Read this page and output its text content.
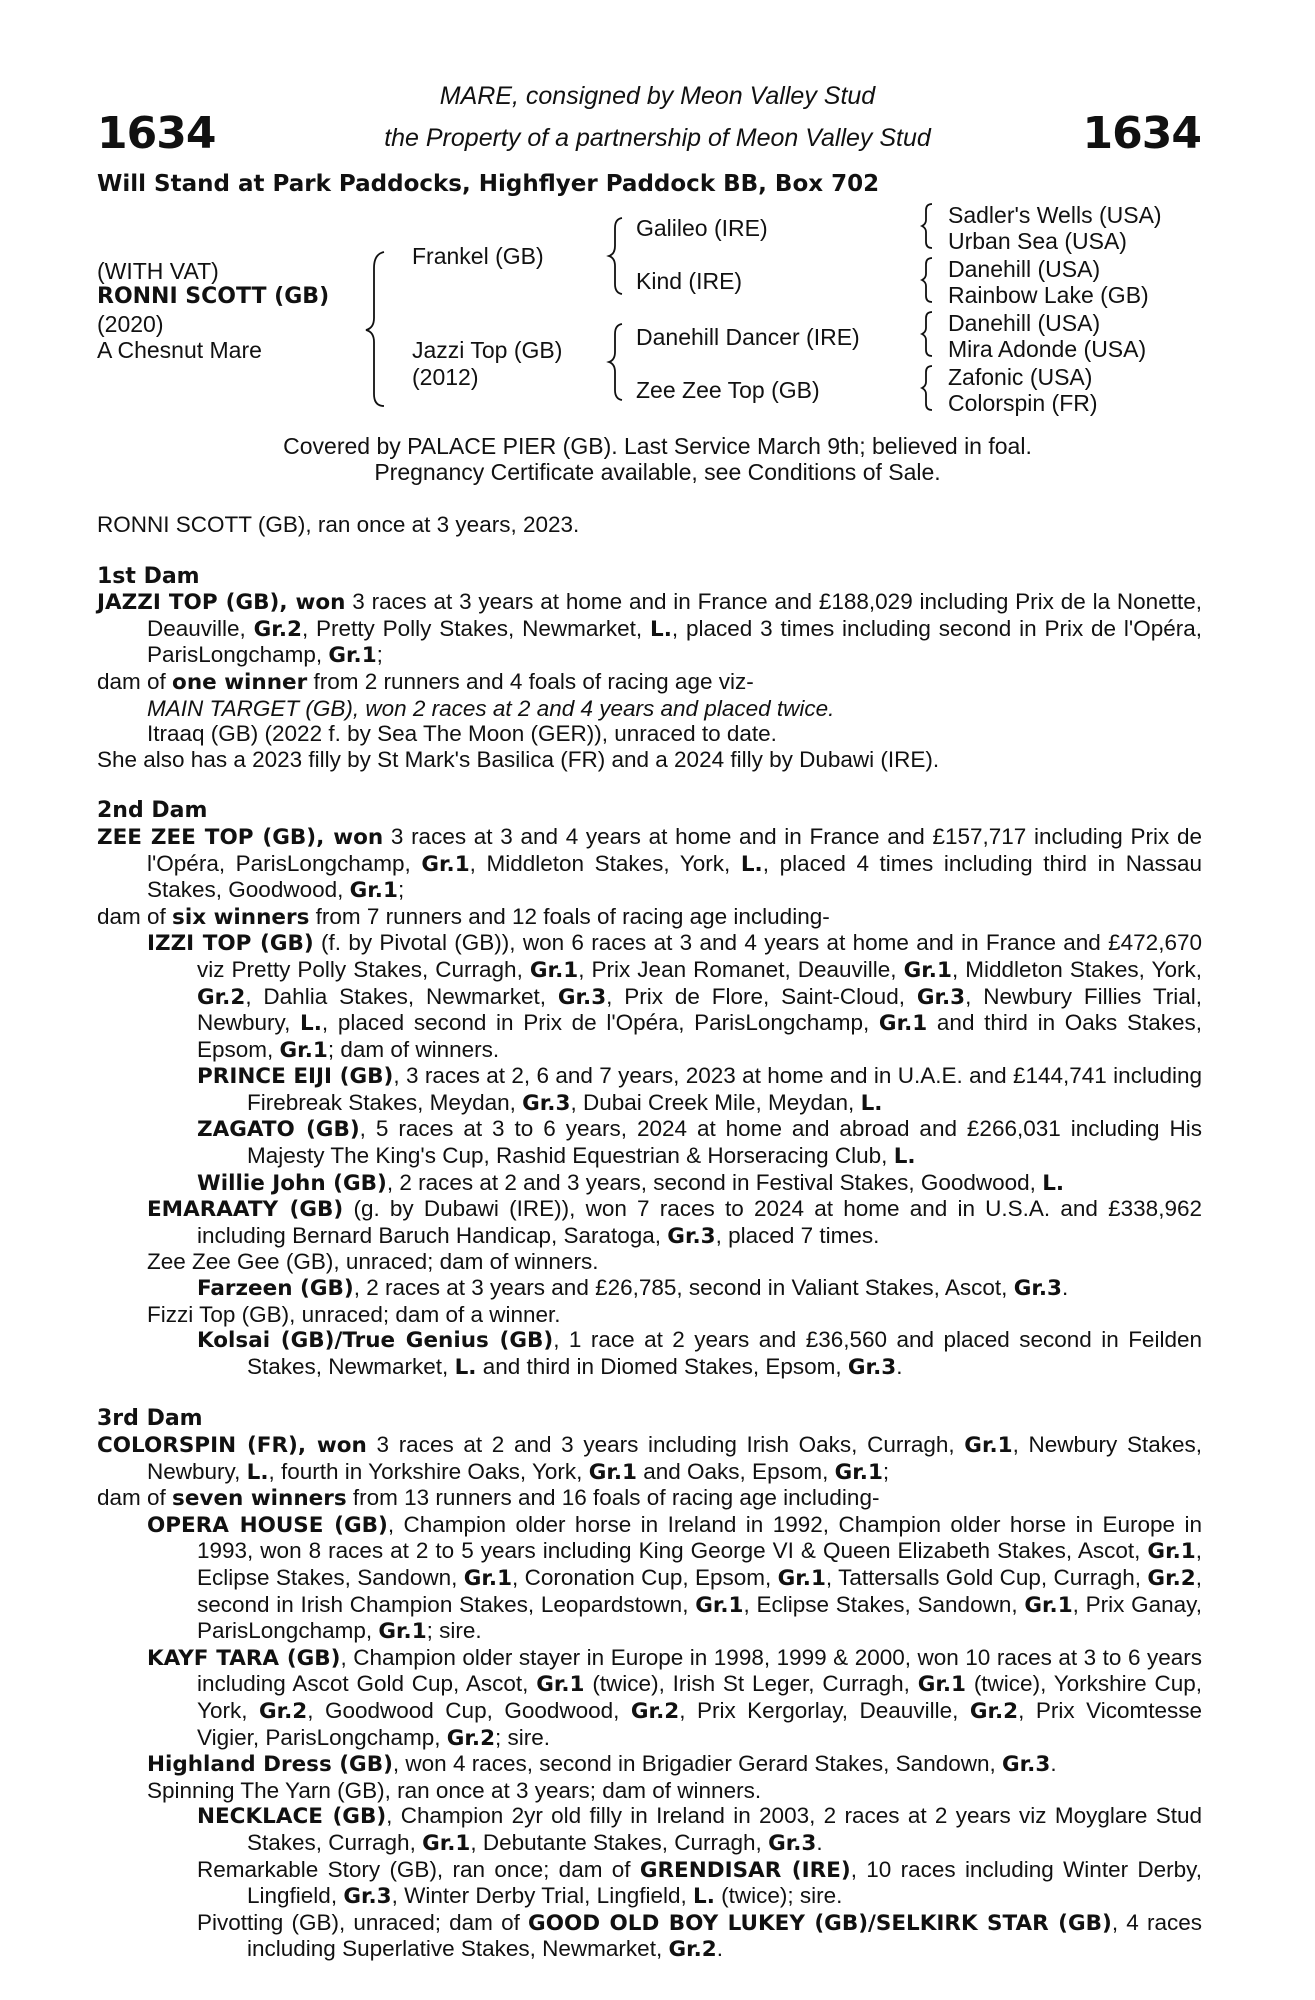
1634	1634
MARE, consigned by Meon Valley Stud
the Property of a partnership of Meon Valley Stud
Will Stand at Park Paddocks, Highflyer Paddock BB, Box 702
(WITH VAT)
RONNI SCOTT (GB)
(2020)
A Chesnut Mare
Frankel (GB)
Jazzi Top (GB)
(2012)
Galileo (IRE)
Kind (IRE)
Danehill Dancer (IRE)
Zee Zee Top (GB)
Sadler's Wells (USA)
Urban Sea (USA)
Danehill (USA)
Rainbow Lake (GB)
Danehill (USA)
Mira Adonde (USA)
Zafonic (USA)
Colorspin (FR)
Covered by PALACE PIER (GB). Last Service March 9th; believed in foal.
Pregnancy Certificate available, see Conditions of Sale.

RONNI SCOTT (GB), ran once at 3 years, 2023.

1st Dam

JAZZI TOP (GB), won 3 races at 3 years at home and in France and £188,029 including Prix de la Nonette, Deauville, Gr.2, Pretty Polly Stakes, Newmarket, L., placed 3 times including second in Prix de l'Opéra, ParisLongchamp, Gr.1;

dam of one winner from 2 runners and 4 foals of racing age viz-

MAIN TARGET (GB), won 2 races at 2 and 4 years and placed twice.

Itraaq (GB) (2022 f. by Sea The Moon (GER)), unraced to date.

She also has a 2023 filly by St Mark's Basilica (FR) and a 2024 filly by Dubawi (IRE).

2nd Dam

ZEE ZEE TOP (GB), won 3 races at 3 and 4 years at home and in France and £157,717 including Prix de l'Opéra, ParisLongchamp, Gr.1, Middleton Stakes, York, L., placed 4 times including third in Nassau Stakes, Goodwood, Gr.1;

dam of six winners from 7 runners and 12 foals of racing age including-

IZZI TOP (GB) (f. by Pivotal (GB)), won 6 races at 3 and 4 years at home and in France and £472,670 viz Pretty Polly Stakes, Curragh, Gr.1, Prix Jean Romanet, Deauville, Gr.1, Middleton Stakes, York, Gr.2, Dahlia Stakes, Newmarket, Gr.3, Prix de Flore, Saint-Cloud, Gr.3, Newbury Fillies Trial, Newbury, L., placed second in Prix de l'Opéra, ParisLongchamp, Gr.1 and third in Oaks Stakes, Epsom, Gr.1; dam of winners.

PRINCE EIJI (GB), 3 races at 2, 6 and 7 years, 2023 at home and in U.A.E. and £144,741 including Firebreak Stakes, Meydan, Gr.3, Dubai Creek Mile, Meydan, L.

ZAGATO (GB), 5 races at 3 to 6 years, 2024 at home and abroad and £266,031 including His Majesty The King's Cup, Rashid Equestrian & Horseracing Club, L.

Willie John (GB), 2 races at 2 and 3 years, second in Festival Stakes, Goodwood, L.

EMARAATY (GB) (g. by Dubawi (IRE)), won 7 races to 2024 at home and in U.S.A. and £338,962 including Bernard Baruch Handicap, Saratoga, Gr.3, placed 7 times.

Zee Zee Gee (GB), unraced; dam of winners.

Farzeen (GB), 2 races at 3 years and £26,785, second in Valiant Stakes, Ascot, Gr.3.

Fizzi Top (GB), unraced; dam of a winner.

Kolsai (GB)/True Genius (GB), 1 race at 2 years and £36,560 and placed second in Feilden Stakes, Newmarket, L. and third in Diomed Stakes, Epsom, Gr.3.

3rd Dam

COLORSPIN (FR), won 3 races at 2 and 3 years including Irish Oaks, Curragh, Gr.1, Newbury Stakes, Newbury, L., fourth in Yorkshire Oaks, York, Gr.1 and Oaks, Epsom, Gr.1;

dam of seven winners from 13 runners and 16 foals of racing age including-

OPERA HOUSE (GB), Champion older horse in Ireland in 1992, Champion older horse in Europe in 1993, won 8 races at 2 to 5 years including King George VI & Queen Elizabeth Stakes, Ascot, Gr.1, Eclipse Stakes, Sandown, Gr.1, Coronation Cup, Epsom, Gr.1, Tattersalls Gold Cup, Curragh, Gr.2, second in Irish Champion Stakes, Leopardstown, Gr.1, Eclipse Stakes, Sandown, Gr.1, Prix Ganay, ParisLongchamp, Gr.1; sire.

KAYF TARA (GB), Champion older stayer in Europe in 1998, 1999 & 2000, won 10 races at 3 to 6 years including Ascot Gold Cup, Ascot, Gr.1 (twice), Irish St Leger, Curragh, Gr.1 (twice), Yorkshire Cup, York, Gr.2, Goodwood Cup, Goodwood, Gr.2, Prix Kergorlay, Deauville, Gr.2, Prix Vicomtesse Vigier, ParisLongchamp, Gr.2; sire.

Highland Dress (GB), won 4 races, second in Brigadier Gerard Stakes, Sandown, Gr.3.

Spinning The Yarn (GB), ran once at 3 years; dam of winners.

NECKLACE (GB), Champion 2yr old filly in Ireland in 2003, 2 races at 2 years viz Moyglare Stud Stakes, Curragh, Gr.1, Debutante Stakes, Curragh, Gr.3.

Remarkable Story (GB), ran once; dam of GRENDISAR (IRE), 10 races including Winter Derby, Lingfield, Gr.3, Winter Derby Trial, Lingfield, L. (twice); sire.

Pivotting (GB), unraced; dam of GOOD OLD BOY LUKEY (GB)/SELKIRK STAR (GB), 4 races including Superlative Stakes, Newmarket, Gr.2.
